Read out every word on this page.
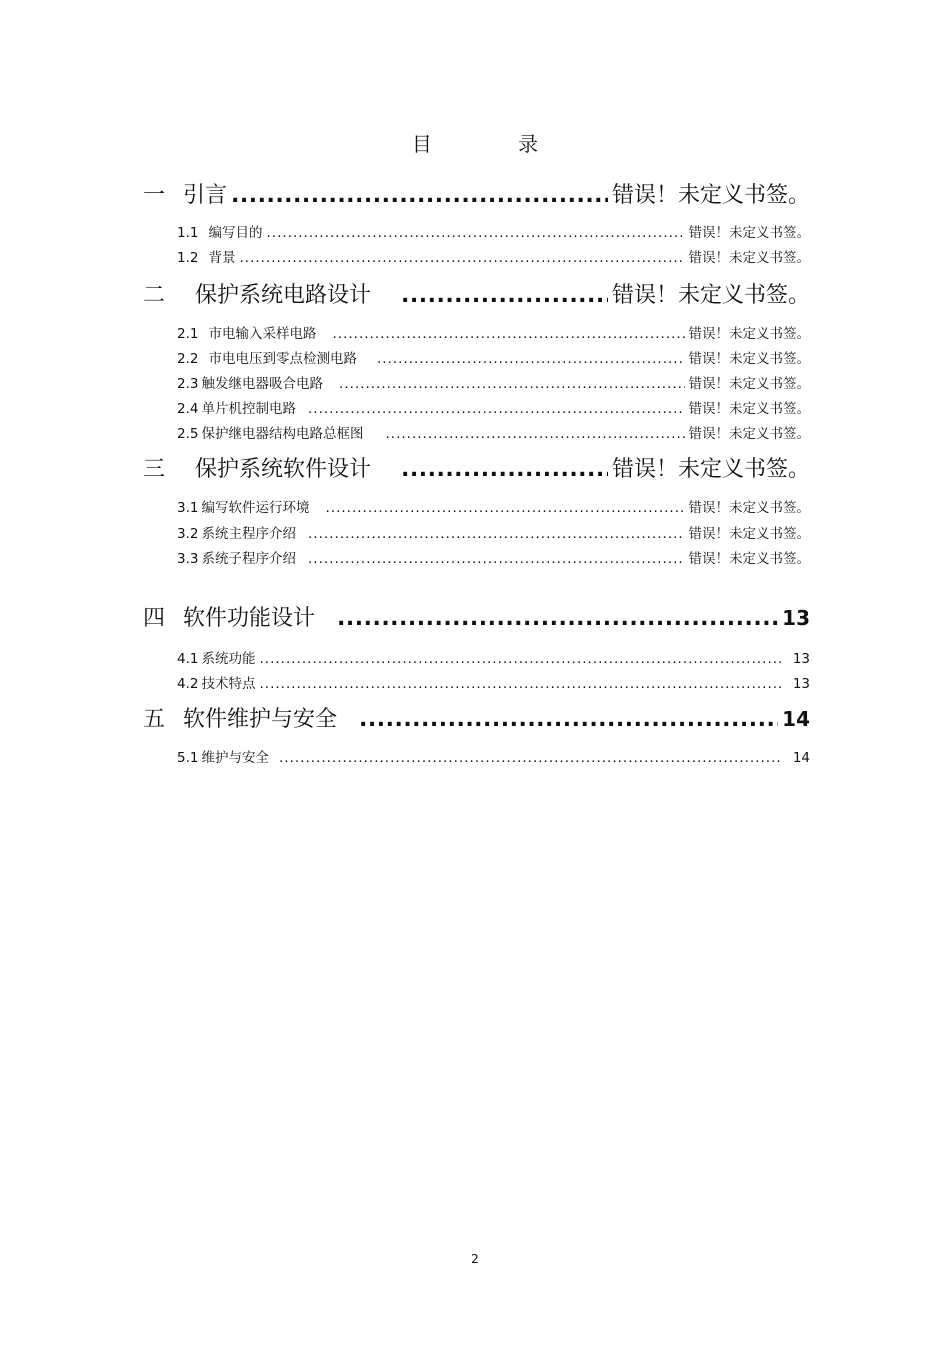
目 录
一 引言 .....	错误！未定义书签。
1.1 编写目的 .....	错误！未定义书签。
1.2 背景 .....	错误！未定义书签。
二 保护系统电路设计 .....	错误！未定义书签。
2.1 市电输入采样电路 .....	错误！未定义书签。
2.2 市电电压到零点检测电路 .....	错误！未定义书签。
2.3 触发继电器吸合电路 .....	错误！未定义书签。
2.4 单片机控制电路 .....	错误！未定义书签。
2.5 保护继电器结构电路总框图 .....	错误！未定义书签。
三 保护系统软件设计 .....	错误！未定义书签。
3.1 编写软件运行环境 .....	错误！未定义书签。
3.2 系统主程序介绍 .....	错误！未定义书签。
3.3 系统子程序介绍 .....	错误！未定义书签。
四 软件功能设计 .....	13
4.1 系统功能 .....	13
4.2 技术特点 .....	13
五 软件维护与安全 .....	14
5.1 维护与安全 .....	14
2
